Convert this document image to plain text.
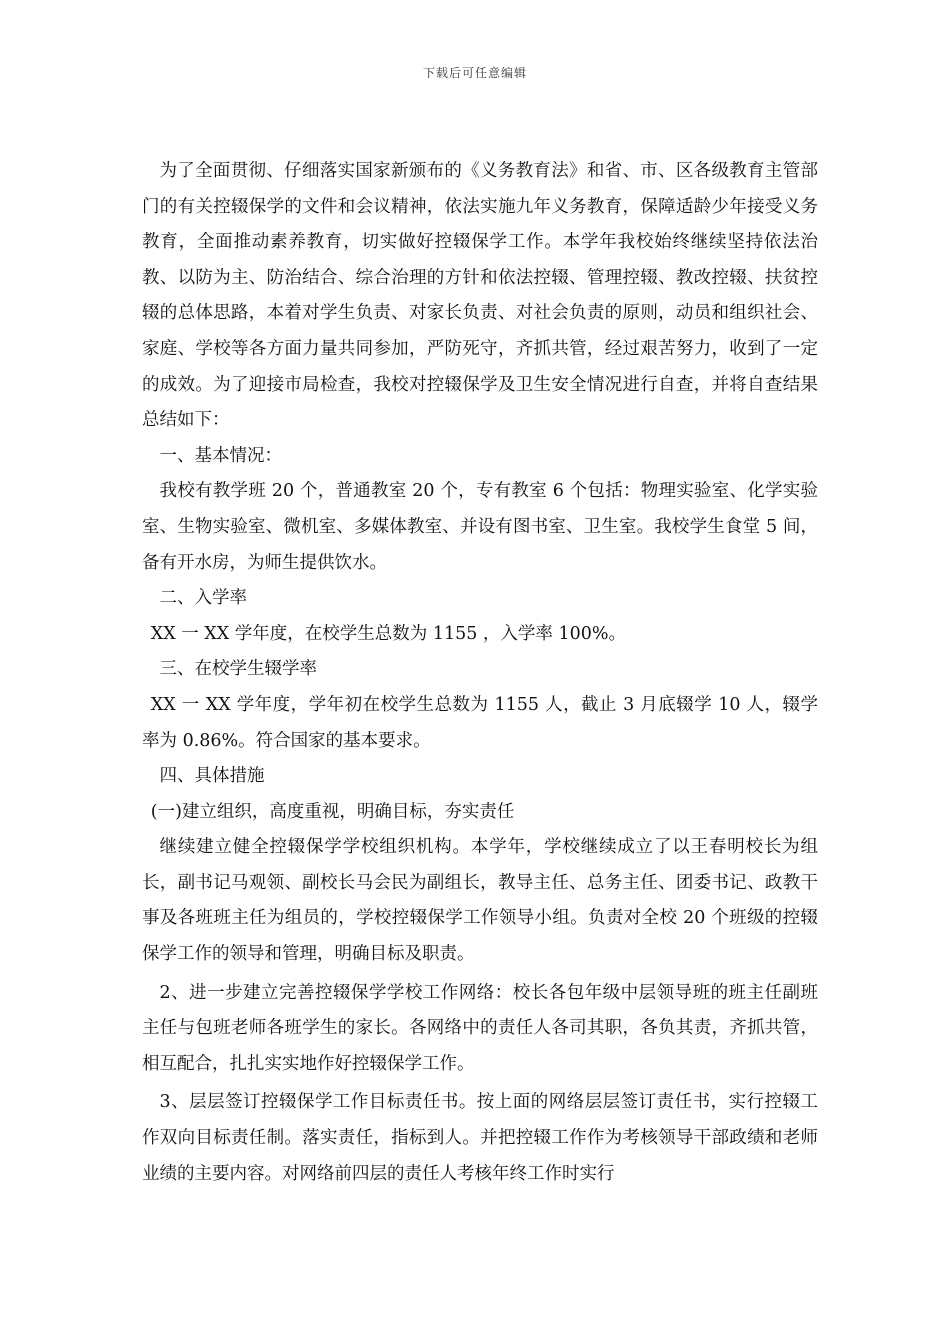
下载后可任意编辑

为了全面贯彻、仔细落实国家新颁布的《义务教育法》和省、市、区各级教育主管部门的有关控辍保学的文件和会议精神，依法实施九年义务教育，保障适龄少年接受义务教育，全面推动素养教育，切实做好控辍保学工作。本学年我校始终继续坚持依法治教、以防为主、防治结合、综合治理的方针和依法控辍、管理控辍、教改控辍、扶贫控辍的总体思路，本着对学生负责、对家长负责、对社会负责的原则，动员和组织社会、家庭、学校等各方面力量共同参加，严防死守，齐抓共管，经过艰苦努力，收到了一定的成效。为了迎接市局检查，我校对控辍保学及卫生安全情况进行自查，并将自查结果总结如下：

一、基本情况：

我校有教学班 20 个，普通教室 20 个，专有教室 6 个包括：物理实验室、化学实验室、生物实验室、微机室、多媒体教室、并设有图书室、卫生室。我校学生食堂 5 间，备有开水房，为师生提供饮水。

二、入学率

XX 一 XX 学年度，在校学生总数为 1155 ，入学率 100%。

三、在校学生辍学率

XX 一 XX 学年度，学年初在校学生总数为 1155 人，截止 3 月底辍学 10 人，辍学率为 0.86%。符合国家的基本要求。

四、具体措施

(一)建立组织，高度重视，明确目标，夯实责任

继续建立健全控辍保学学校组织机构。本学年，学校继续成立了以王春明校长为组长，副书记马观领、副校长马会民为副组长，教导主任、总务主任、团委书记、政教干事及各班班主任为组员的，学校控辍保学工作领导小组。负责对全校 20 个班级的控辍保学工作的领导和管理，明确目标及职责。

2、进一步建立完善控辍保学学校工作网络：校长各包年级中层领导班的班主任副班主任与包班老师各班学生的家长。各网络中的责任人各司其职，各负其责，齐抓共管，相互配合，扎扎实实地作好控辍保学工作。

3、层层签订控辍保学工作目标责任书。按上面的网络层层签订责任书，实行控辍工作双向目标责任制。落实责任，指标到人。并把控辍工作作为考核领导干部政绩和老师业绩的主要内容。对网络前四层的责任人考核年终工作时实行
